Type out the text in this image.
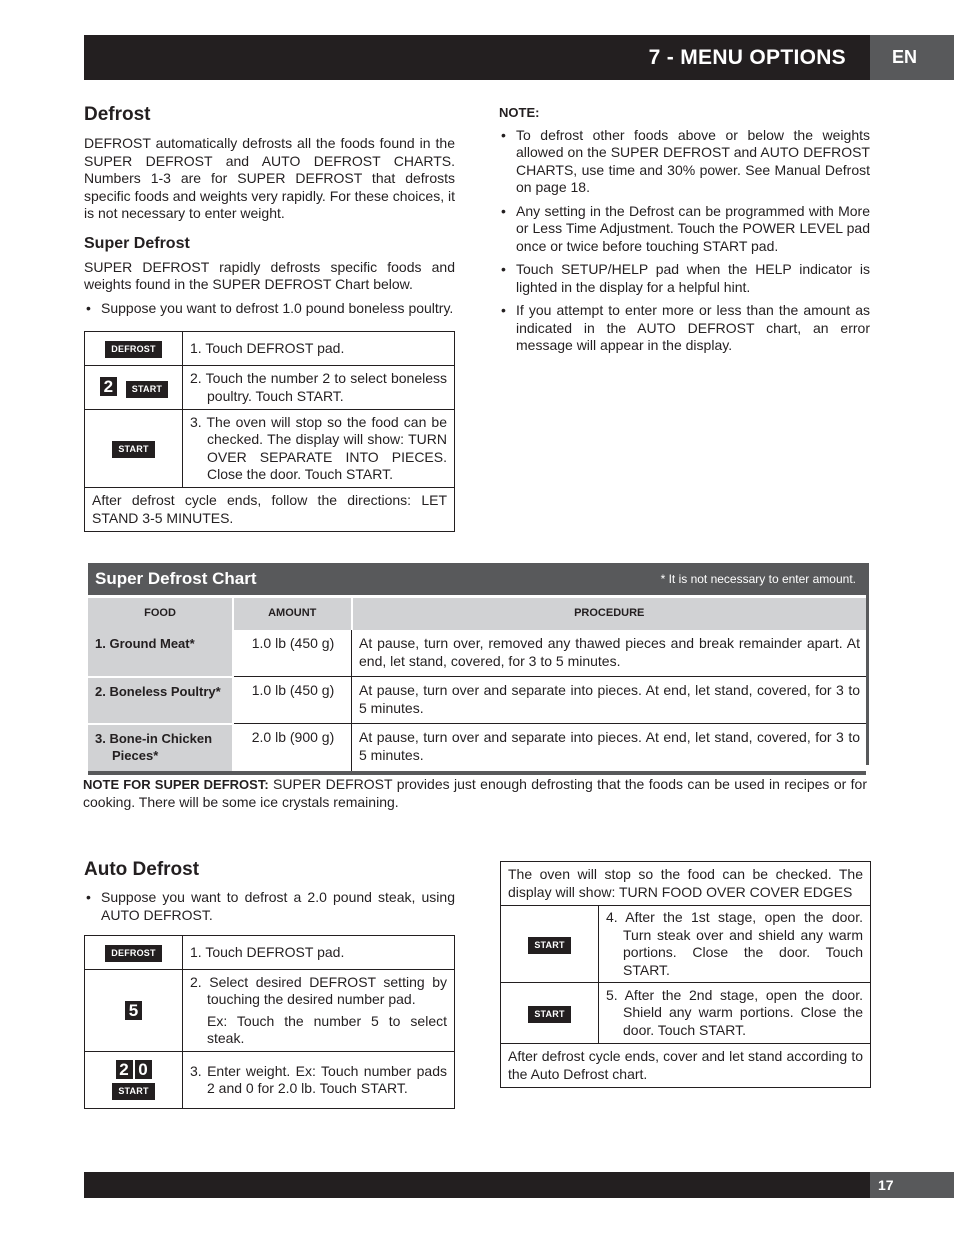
7 - MENU OPTIONS	EN
Defrost

DEFROST automatically defrosts all the foods found in the SUPER DEFROST and AUTO DEFROST CHARTS. Numbers 1-3 are for SUPER DEFROST that defrosts specific foods and weights very rapidly. For these choices, it is not necessary to enter weight.

Super Defrost

SUPER DEFROST rapidly defrosts specific foods and weights found in the SUPER DEFROST Chart below.

• Suppose you want to defrost 1.0 pound boneless poultry.
DEFROST	1. Touch DEFROST pad.

2 START	2. Touch the number 2 to select boneless poultry. Touch START.

START	3. The oven will stop so the food can be checked. The display will show: TURN OVER SEPARATE INTO PIECES. Close the door. Touch START.

After defrost cycle ends, follow the directions: LET STAND 3-5 MINUTES.	
NOTE:
• To defrost other foods above or below the weights allowed on the SUPER DEFROST and AUTO DEFROST CHARTS, use time and 30% power. See Manual Defrost on page 18.
• Any setting in the Defrost can be programmed with More or Less Time Adjustment. Touch the POWER LEVEL pad once or twice before touching START pad.
• Touch SETUP/HELP pad when the HELP indicator is lighted in the display for a helpful hint.
• If you attempt to enter more or less than the amount as indicated in the AUTO DEFROST chart, an error message will appear in the display.
Super Defrost Chart	* It is not necessary to enter amount.
FOOD	AMOUNT	PROCEDURE

1. Ground Meat*	1.0 lb (450 g)	At pause, turn over, removed any thawed pieces and break remainder apart. At end, let stand, covered, for 3 to 5 minutes.

2. Boneless Poultry*	1.0 lb (450 g)	At pause, turn over and separate into pieces. At end, let stand, covered, for 3 to 5 minutes.

3. Bone-in Chicken Pieces*	2.0 lb (900 g)	At pause, turn over and separate into pieces. At end, let stand, covered, for 3 to 5 minutes.
NOTE FOR SUPER DEFROST: SUPER DEFROST provides just enough defrosting that the foods can be used in recipes or for cooking. There will be some ice crystals remaining.
Auto Defrost
• Suppose you want to defrost a 2.0 pound steak, using AUTO DEFROST.
DEFROST	1. Touch DEFROST pad.

5	2. Select desired DEFROST setting by touching the desired number pad.
Ex: Touch the number 5 to select steak.

2 0
START	3. Enter weight. Ex: Touch number pads 2 and 0 for 2.0 lb. Touch START.
The oven will stop so the food can be checked. The display will show: TURN FOOD OVER COVER EDGES	

START	4. After the 1st stage, open the door. Turn steak over and shield any warm portions. Close the door. Touch START.

START	5. After the 2nd stage, open the door. Shield any warm portions. Close the door. Touch START.

After defrost cycle ends, cover and let stand according to the Auto Defrost chart.	
17
